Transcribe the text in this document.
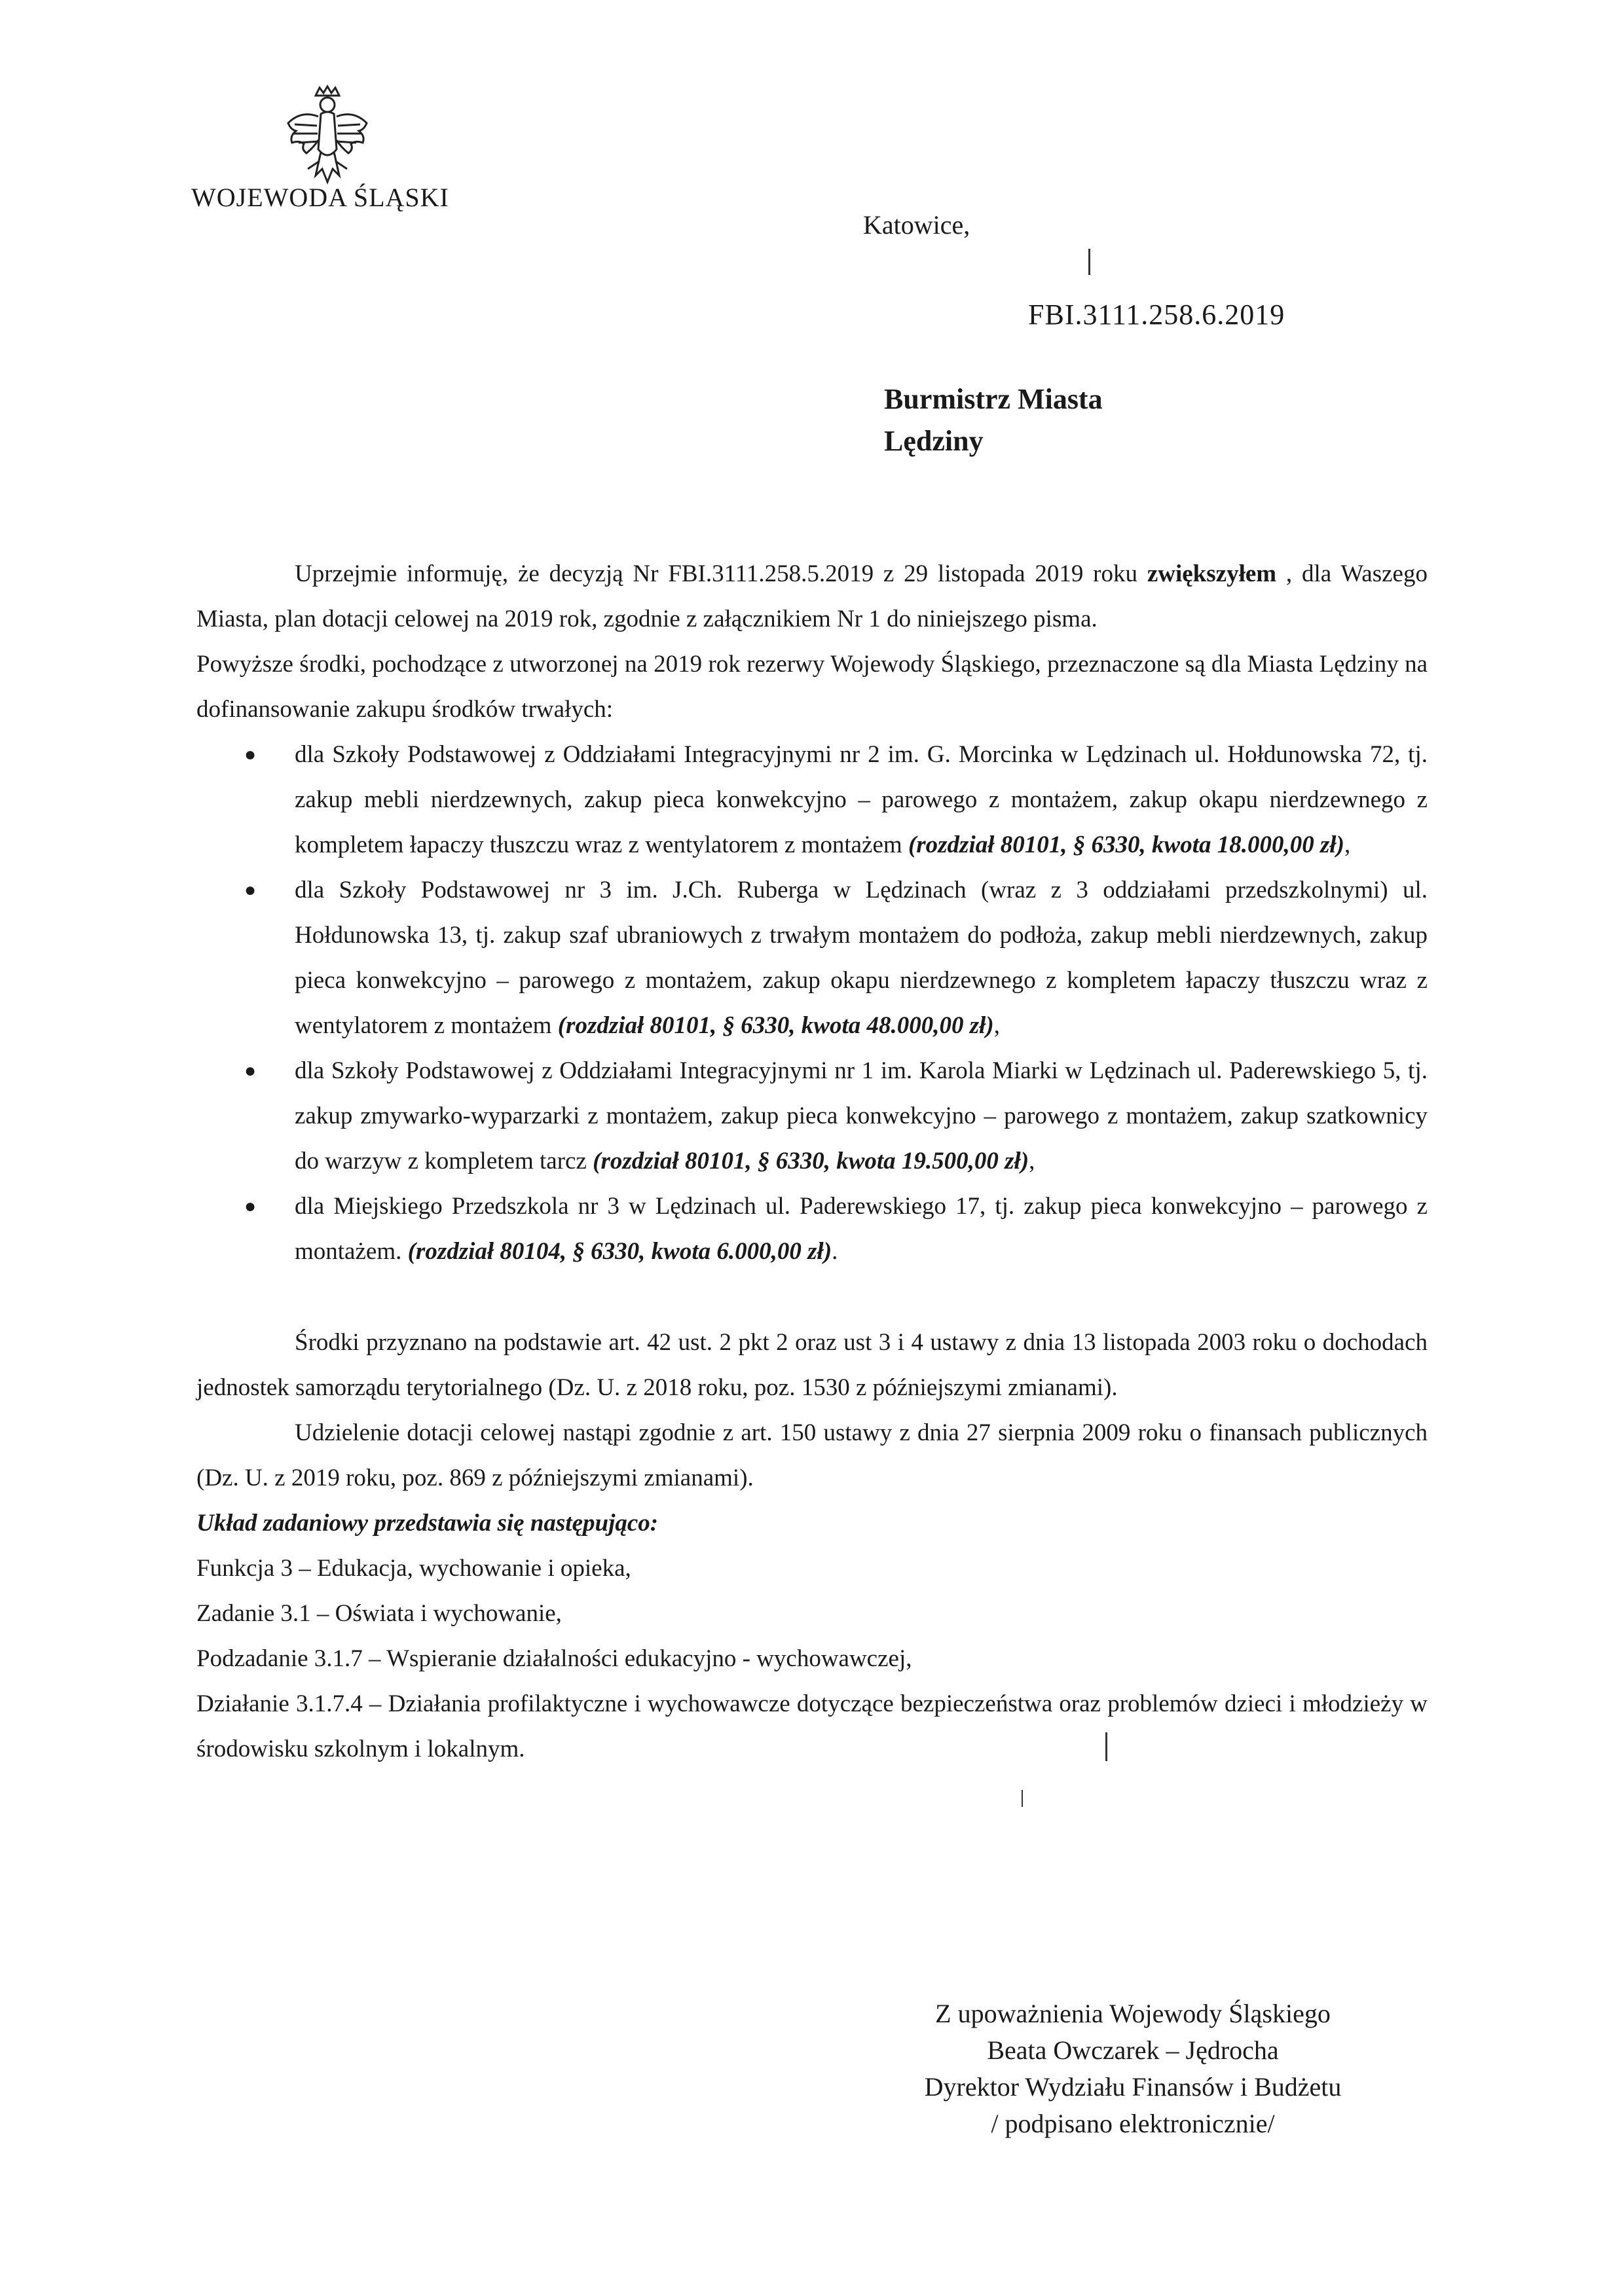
WOJEWODA ŚLĄSKI
Katowice,
FBI.3111.258.6.2019
Burmistrz Miasta
Lędziny

Uprzejmie informuję, że decyzją Nr FBI.3111.258.5.2019 z 29 listopada 2019 roku zwiększyłem , dla Waszego Miasta, plan dotacji celowej na 2019 rok, zgodnie z załącznikiem Nr 1 do niniejszego pisma.

Powyższe środki, pochodzące z utworzonej na 2019 rok rezerwy Wojewody Śląskiego, przeznaczone są dla Miasta Lędziny na dofinansowanie zakupu środków trwałych:

● dla Szkoły Podstawowej z Oddziałami Integracyjnymi nr 2 im. G. Morcinka w Lędzinach ul. Hołdunowska 72, tj. zakup mebli nierdzewnych, zakup pieca konwekcyjno – parowego z montażem, zakup okapu nierdzewnego z kompletem łapaczy tłuszczu wraz z wentylatorem z montażem (rozdział 80101, § 6330, kwota 18.000,00 zł),
● dla Szkoły Podstawowej nr 3 im. J.Ch. Ruberga w Lędzinach (wraz z 3 oddziałami przedszkolnymi) ul. Hołdunowska 13, tj. zakup szaf ubraniowych z trwałym montażem do podłoża, zakup mebli nierdzewnych, zakup pieca konwekcyjno – parowego z montażem, zakup okapu nierdzewnego z kompletem łapaczy tłuszczu wraz z wentylatorem z montażem (rozdział 80101, § 6330, kwota 48.000,00 zł),
● dla Szkoły Podstawowej z Oddziałami Integracyjnymi nr 1 im. Karola Miarki w Lędzinach ul. Paderewskiego 5, tj. zakup zmywarko-wyparzarki z montażem, zakup pieca konwekcyjno – parowego z montażem, zakup szatkownicy do warzyw z kompletem tarcz (rozdział 80101, § 6330, kwota 19.500,00 zł),
● dla Miejskiego Przedszkola nr 3 w Lędzinach ul. Paderewskiego 17, tj. zakup pieca konwekcyjno – parowego z montażem. (rozdział 80104, § 6330, kwota 6.000,00 zł).

Środki przyznano na podstawie art. 42 ust. 2 pkt 2 oraz ust 3 i 4 ustawy z dnia 13 listopada 2003 roku o dochodach jednostek samorządu terytorialnego (Dz. U. z 2018 roku, poz. 1530 z późniejszymi zmianami).

Udzielenie dotacji celowej nastąpi zgodnie z art. 150 ustawy z dnia 27 sierpnia 2009 roku o finansach publicznych (Dz. U. z 2019 roku, poz. 869 z późniejszymi zmianami).

Układ zadaniowy przedstawia się następująco:

Funkcja 3 – Edukacja, wychowanie i opieka,

Zadanie 3.1 – Oświata i wychowanie,

Podzadanie 3.1.7 – Wspieranie działalności edukacyjno - wychowawczej,

Działanie 3.1.7.4 – Działania profilaktyczne i wychowawcze dotyczące bezpieczeństwa oraz problemów dzieci i młodzieży w środowisku szkolnym i lokalnym.

Z upoważnienia Wojewody Śląskiego
Beata Owczarek – Jędrocha
Dyrektor Wydziału Finansów i Budżetu
/ podpisano elektronicznie/
